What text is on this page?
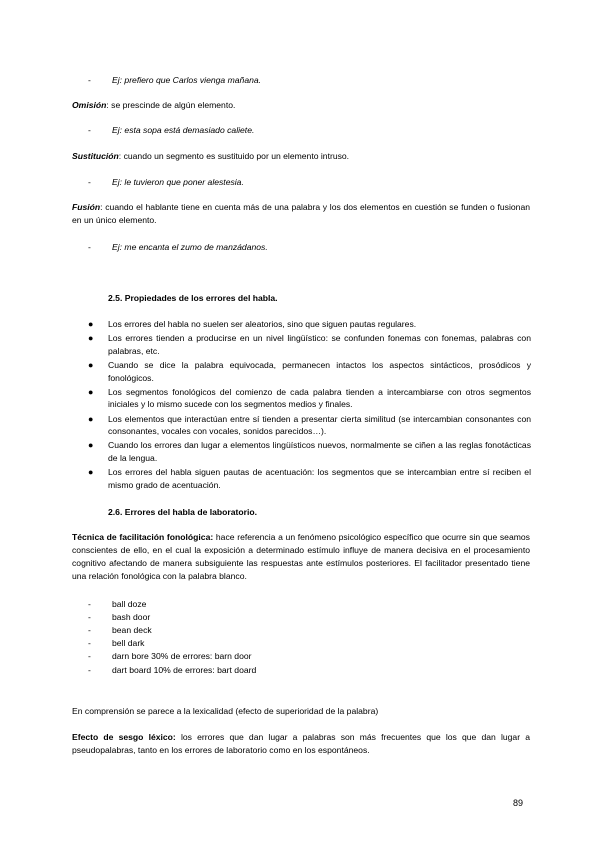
- Ej: prefiero que Carlos vienga mañana.
Omisión: se prescinde de algún elemento.
- Ej: esta sopa está demasiado caliete.
Sustitución: cuando un segmento es sustituido por un elemento intruso.
- Ej: le tuvieron que poner alestesia.
Fusión: cuando el hablante tiene en cuenta más de una palabra y los dos elementos en cuestión se funden o fusionan en un único elemento.
- Ej: me encanta el zumo de manzádanos.
2.5. Propiedades de los errores del habla.
● Los errores del habla no suelen ser aleatorios, sino que siguen pautas regulares.
● Los errores tienden a producirse en un nivel lingüístico: se confunden fonemas con fonemas, palabras con palabras, etc.
● Cuando se dice la palabra equivocada, permanecen intactos los aspectos sintácticos, prosódicos y fonológicos.
● Los segmentos fonológicos del comienzo de cada palabra tienden a intercambiarse con otros segmentos iniciales y lo mismo sucede con los segmentos medios y finales.
● Los elementos que interactúan entre sí tienden a presentar cierta similitud (se intercambian consonantes con consonantes, vocales con vocales, sonidos parecidos…).
● Cuando los errores dan lugar a elementos lingüísticos nuevos, normalmente se ciñen a las reglas fonotácticas de la lengua.
● Los errores del habla siguen pautas de acentuación: los segmentos que se intercambian entre sí reciben el mismo grado de acentuación.
2.6. Errores del habla de laboratorio.
Técnica de facilitación fonológica: hace referencia a un fenómeno psicológico específico que ocurre sin que seamos conscientes de ello, en el cual la exposición a determinado estímulo influye de manera decisiva en el procesamiento cognitivo afectando de manera subsiguiente las respuestas ante estímulos posteriores. El facilitador presentado tiene una relación fonológica con la palabra blanco.
- ball doze
- bash door
- bean deck
- bell dark
- darn bore 30% de errores: barn door
- dart board 10% de errores: bart doard
En comprensión se parece a la lexicalidad (efecto de superioridad de la palabra)
Efecto de sesgo léxico: los errores que dan lugar a palabras son más frecuentes que los que dan lugar a pseudopalabras, tanto en los errores de laboratorio como en los espontáneos.
89
